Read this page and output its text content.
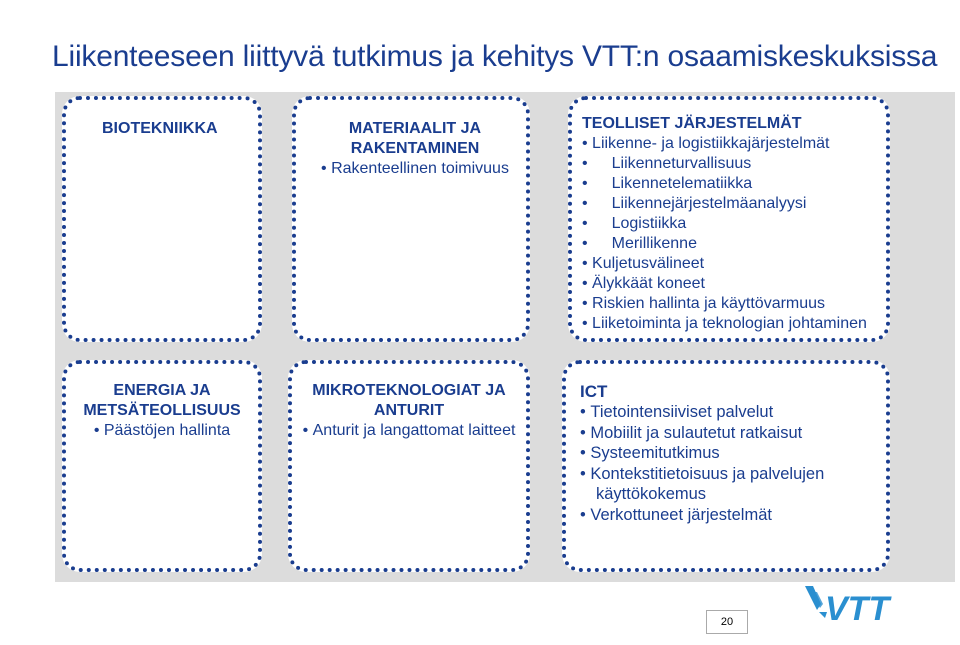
Liikenteeseen liittyvä tutkimus ja kehitys VTT:n osaamiskeskuksissa
BIOTEKNIIKKA	MATERIAALIT JA
RAKENTAMINEN
• Rakenteellinen toimivuus
TEOLLISET JÄRJESTELMÄT
• Liikenne- ja logistiikkajärjestelmät
• Liikenneturvallisuus
• Likennetelematiikka
• Liikennejärjestelmäanalyysi
• Logistiikka
• Merillikenne
• Kuljetusvälineet
• Älykkäät koneet
• Riskien hallinta ja käyttövarmuus
• Liiketoiminta ja teknologian johtaminen
ENERGIA JA
METSÄTEOLLISUUS
• Päästöjen hallinta
MIKROTEKNOLOGIAT JA
ANTURIT
• Anturit ja langattomat laitteet
ICT
• Tietointensiiviset palvelut
• Mobiilit ja sulautetut ratkaisut
• Systeemitutkimus
• Kontekstitietoisuus ja palvelujen
käyttökokemus
• Verkottuneet järjestelmät
20	VTT
